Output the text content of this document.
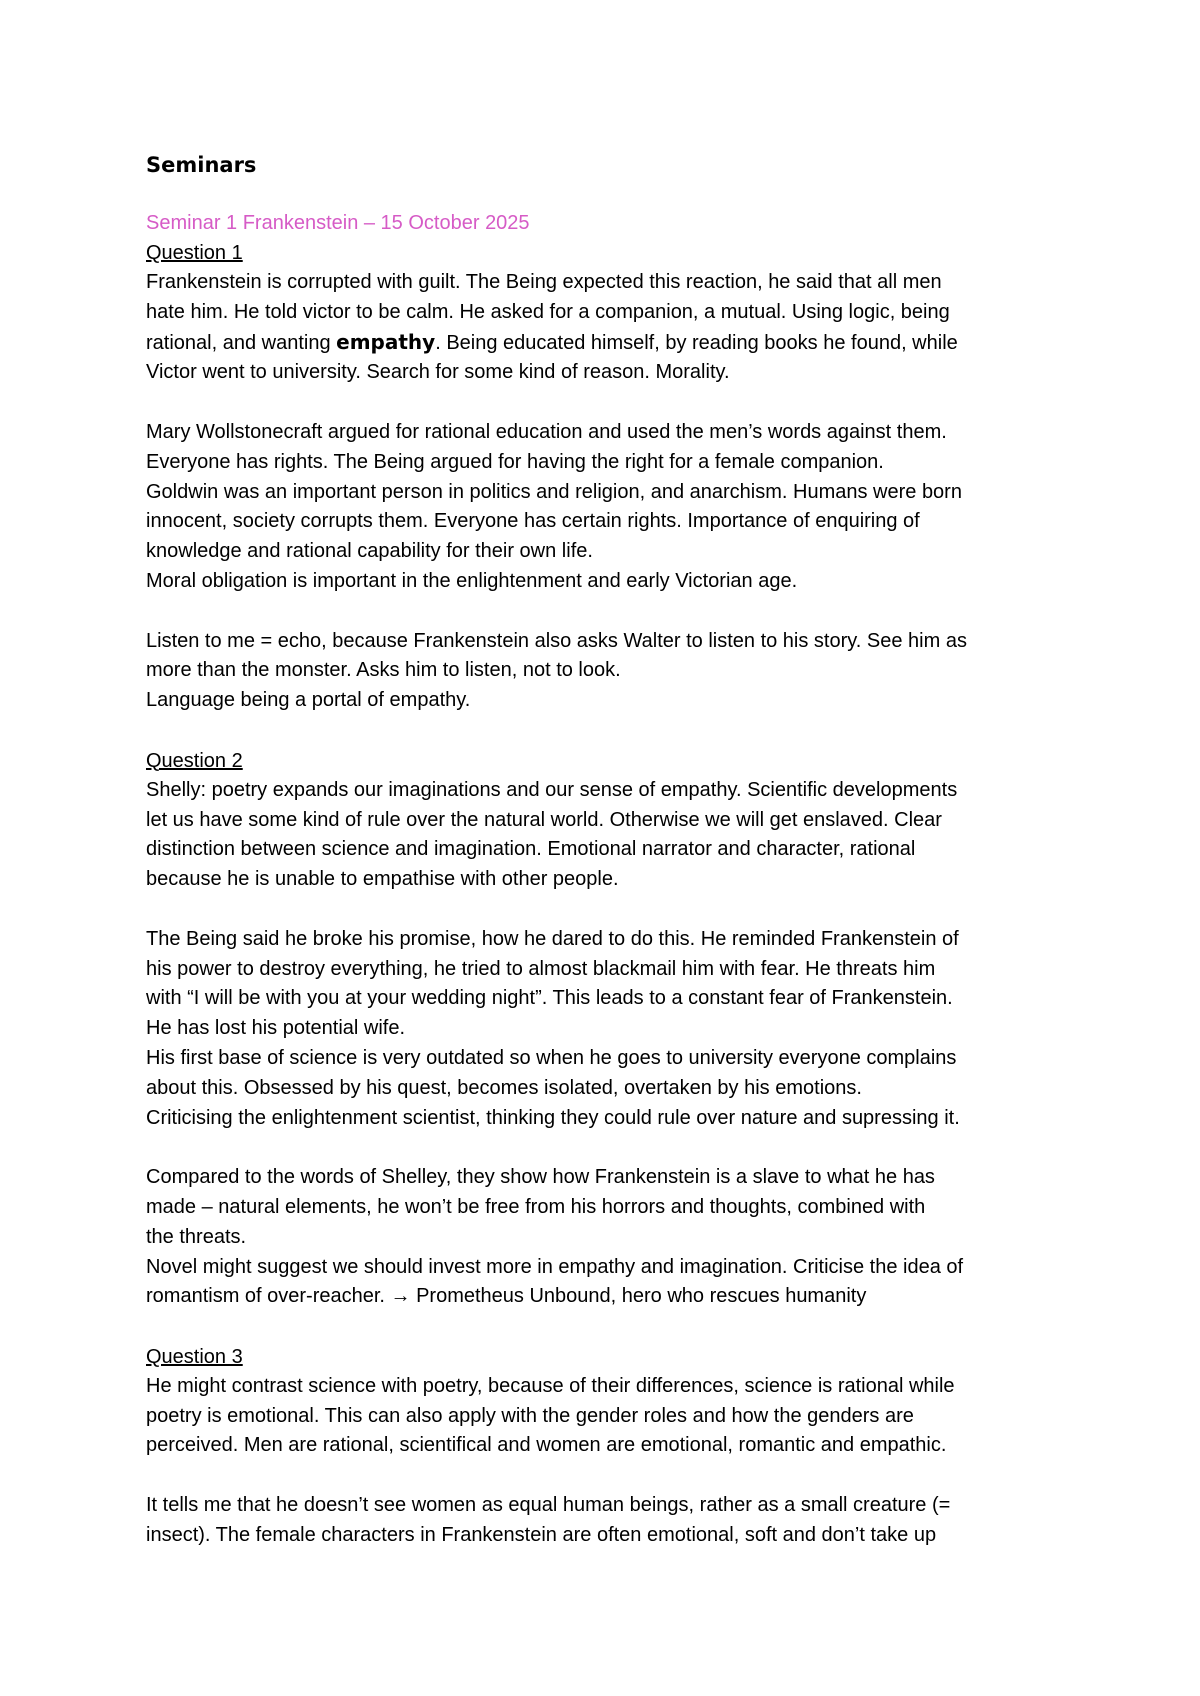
Seminars
Seminar 1 Frankenstein – 15 October 2025
Question 1
Frankenstein is corrupted with guilt. The Being expected this reaction, he said that all men
hate him. He told victor to be calm. He asked for a companion, a mutual. Using logic, being
rational, and wanting empathy. Being educated himself, by reading books he found, while
Victor went to university. Search for some kind of reason. Morality.
Mary Wollstonecraft argued for rational education and used the men’s words against them.
Everyone has rights. The Being argued for having the right for a female companion.
Goldwin was an important person in politics and religion, and anarchism. Humans were born
innocent, society corrupts them. Everyone has certain rights. Importance of enquiring of
knowledge and rational capability for their own life.
Moral obligation is important in the enlightenment and early Victorian age.
Listen to me = echo, because Frankenstein also asks Walter to listen to his story. See him as
more than the monster. Asks him to listen, not to look.
Language being a portal of empathy.
Question 2
Shelly: poetry expands our imaginations and our sense of empathy. Scientific developments
let us have some kind of rule over the natural world. Otherwise we will get enslaved. Clear
distinction between science and imagination. Emotional narrator and character, rational
because he is unable to empathise with other people.
The Being said he broke his promise, how he dared to do this. He reminded Frankenstein of
his power to destroy everything, he tried to almost blackmail him with fear. He threats him
with “I will be with you at your wedding night”. This leads to a constant fear of Frankenstein.
He has lost his potential wife.
His first base of science is very outdated so when he goes to university everyone complains
about this. Obsessed by his quest, becomes isolated, overtaken by his emotions.
Criticising the enlightenment scientist, thinking they could rule over nature and supressing it.
Compared to the words of Shelley, they show how Frankenstein is a slave to what he has
made – natural elements, he won’t be free from his horrors and thoughts, combined with
the threats.
Novel might suggest we should invest more in empathy and imagination. Criticise the idea of
romantism of over-reacher. → Prometheus Unbound, hero who rescues humanity
Question 3
He might contrast science with poetry, because of their differences, science is rational while
poetry is emotional. This can also apply with the gender roles and how the genders are
perceived. Men are rational, scientifical and women are emotional, romantic and empathic.
It tells me that he doesn’t see women as equal human beings, rather as a small creature (=
insect). The female characters in Frankenstein are often emotional, soft and don’t take up
